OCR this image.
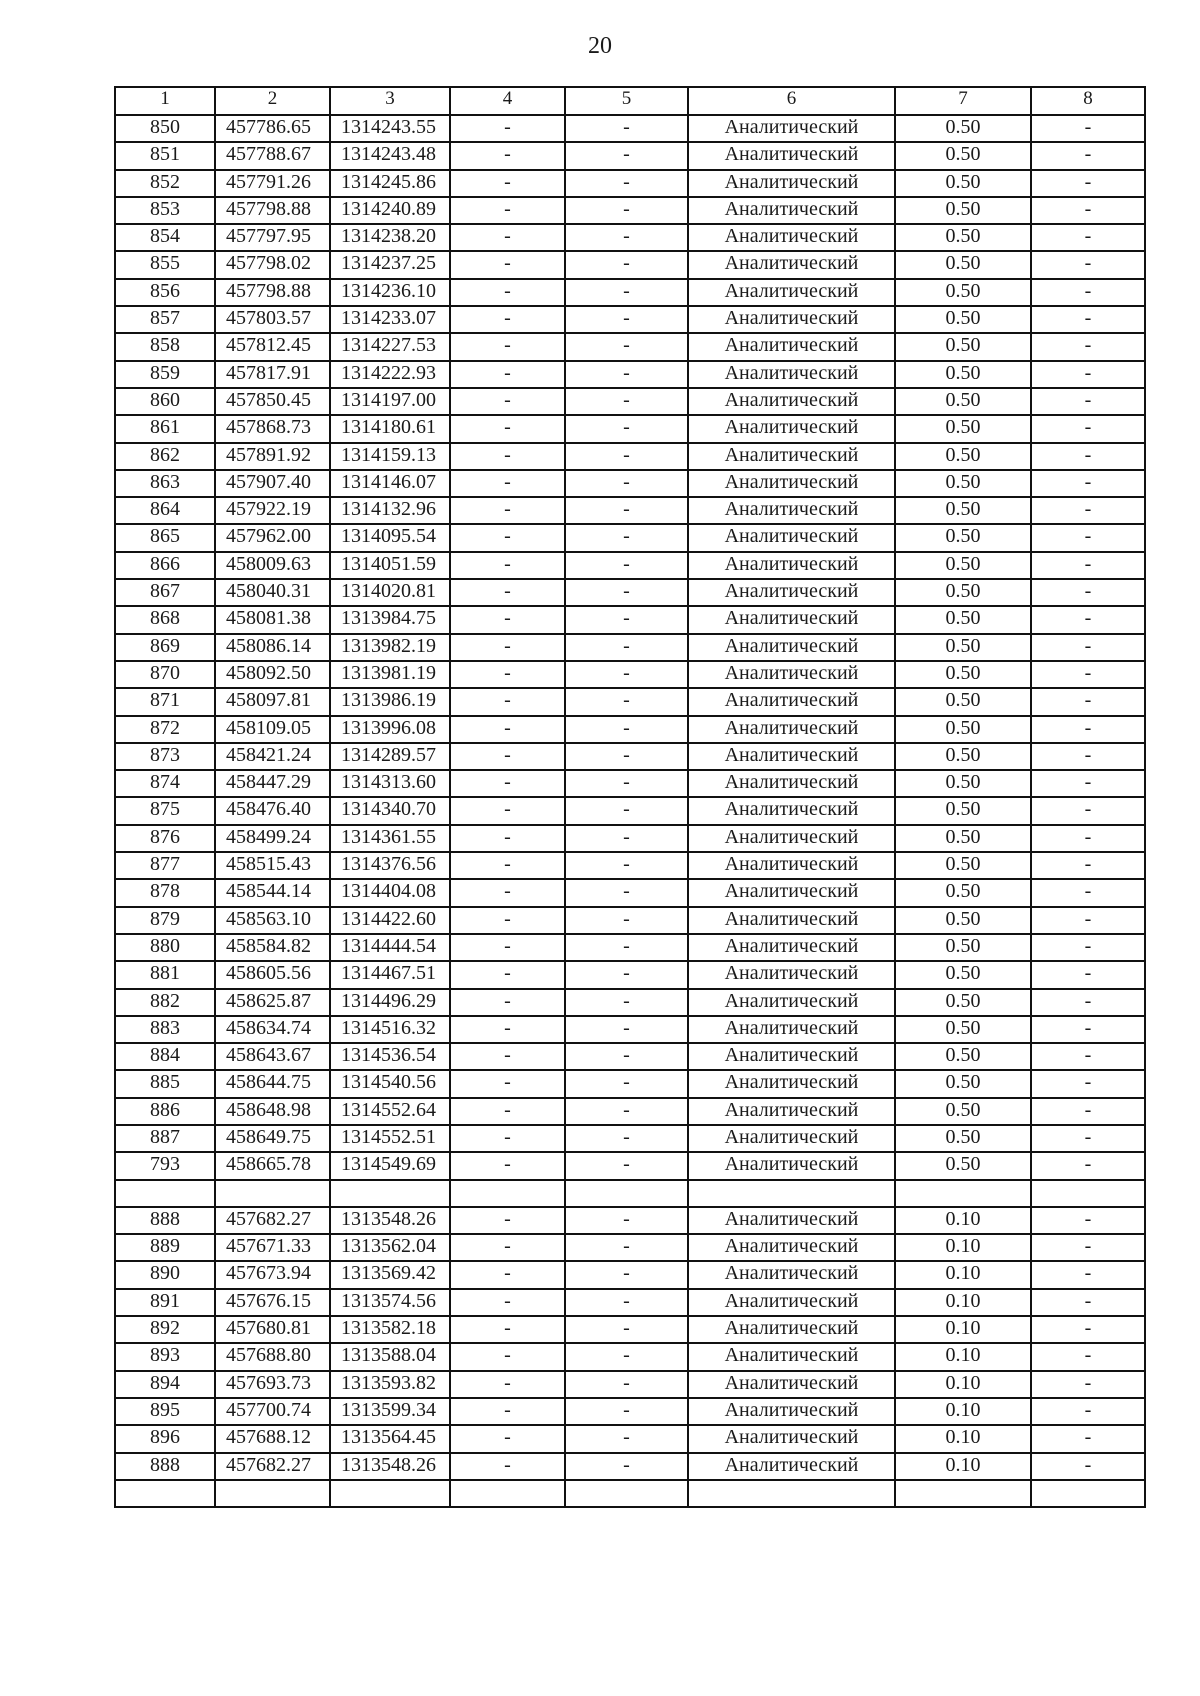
20
1	2	3	4	5	6	7	8
850	457786.65	1314243.55	-	-	Аналитический	0.50	-
851	457788.67	1314243.48	-	-	Аналитический	0.50	-
852	457791.26	1314245.86	-	-	Аналитический	0.50	-
853	457798.88	1314240.89	-	-	Аналитический	0.50	-
854	457797.95	1314238.20	-	-	Аналитический	0.50	-
855	457798.02	1314237.25	-	-	Аналитический	0.50	-
856	457798.88	1314236.10	-	-	Аналитический	0.50	-
857	457803.57	1314233.07	-	-	Аналитический	0.50	-
858	457812.45	1314227.53	-	-	Аналитический	0.50	-
859	457817.91	1314222.93	-	-	Аналитический	0.50	-
860	457850.45	1314197.00	-	-	Аналитический	0.50	-
861	457868.73	1314180.61	-	-	Аналитический	0.50	-
862	457891.92	1314159.13	-	-	Аналитический	0.50	-
863	457907.40	1314146.07	-	-	Аналитический	0.50	-
864	457922.19	1314132.96	-	-	Аналитический	0.50	-
865	457962.00	1314095.54	-	-	Аналитический	0.50	-
866	458009.63	1314051.59	-	-	Аналитический	0.50	-
867	458040.31	1314020.81	-	-	Аналитический	0.50	-
868	458081.38	1313984.75	-	-	Аналитический	0.50	-
869	458086.14	1313982.19	-	-	Аналитический	0.50	-
870	458092.50	1313981.19	-	-	Аналитический	0.50	-
871	458097.81	1313986.19	-	-	Аналитический	0.50	-
872	458109.05	1313996.08	-	-	Аналитический	0.50	-
873	458421.24	1314289.57	-	-	Аналитический	0.50	-
874	458447.29	1314313.60	-	-	Аналитический	0.50	-
875	458476.40	1314340.70	-	-	Аналитический	0.50	-
876	458499.24	1314361.55	-	-	Аналитический	0.50	-
877	458515.43	1314376.56	-	-	Аналитический	0.50	-
878	458544.14	1314404.08	-	-	Аналитический	0.50	-
879	458563.10	1314422.60	-	-	Аналитический	0.50	-
880	458584.82	1314444.54	-	-	Аналитический	0.50	-
881	458605.56	1314467.51	-	-	Аналитический	0.50	-
882	458625.87	1314496.29	-	-	Аналитический	0.50	-
883	458634.74	1314516.32	-	-	Аналитический	0.50	-
884	458643.67	1314536.54	-	-	Аналитический	0.50	-
885	458644.75	1314540.56	-	-	Аналитический	0.50	-
886	458648.98	1314552.64	-	-	Аналитический	0.50	-
887	458649.75	1314552.51	-	-	Аналитический	0.50	-
793	458665.78	1314549.69	-	-	Аналитический	0.50	-

888	457682.27	1313548.26	-	-	Аналитический	0.10	-
889	457671.33	1313562.04	-	-	Аналитический	0.10	-
890	457673.94	1313569.42	-	-	Аналитический	0.10	-
891	457676.15	1313574.56	-	-	Аналитический	0.10	-
892	457680.81	1313582.18	-	-	Аналитический	0.10	-
893	457688.80	1313588.04	-	-	Аналитический	0.10	-
894	457693.73	1313593.82	-	-	Аналитический	0.10	-
895	457700.74	1313599.34	-	-	Аналитический	0.10	-
896	457688.12	1313564.45	-	-	Аналитический	0.10	-
888	457682.27	1313548.26	-	-	Аналитический	0.10	-
